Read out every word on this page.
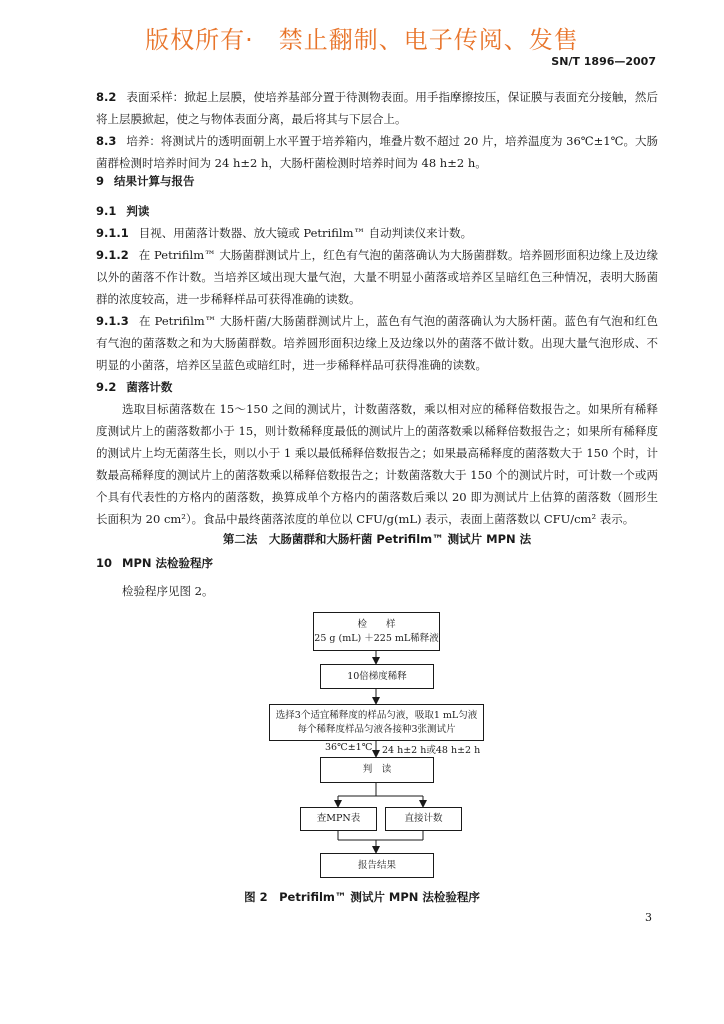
版权所有·　禁止翻制、电子传阅、发售
SN/T 1896—2007

8.2 表面采样：掀起上层膜，使培养基部分置于待测物表面。用手指摩擦按压，保证膜与表面充分接触，然后将上层膜掀起，使之与物体表面分离，最后将其与下层合上。

8.3 培养：将测试片的透明面朝上水平置于培养箱内，堆叠片数不超过 20 片，培养温度为 36℃±1℃。大肠菌群检测时培养时间为 24 h±2 h，大肠杆菌检测时培养时间为 48 h±2 h。

9 结果计算与报告

9.1 判读

9.1.1 目视、用菌落计数器、放大镜或 Petrifilm™ 自动判读仪来计数。

9.1.2 在 Petrifilm™ 大肠菌群测试片上，红色有气泡的菌落确认为大肠菌群数。培养圆形面积边缘上及边缘以外的菌落不作计数。当培养区域出现大量气泡，大量不明显小菌落或培养区呈暗红色三种情况，表明大肠菌群的浓度较高，进一步稀释样品可获得准确的读数。

9.1.3 在 Petrifilm™ 大肠杆菌/大肠菌群测试片上，蓝色有气泡的菌落确认为大肠杆菌。蓝色有气泡和红色有气泡的菌落数之和为大肠菌群数。培养圆形面积边缘上及边缘以外的菌落不做计数。出现大量气泡形成、不明显的小菌落，培养区呈蓝色或暗红时，进一步稀释样品可获得准确的读数。

9.2 菌落计数

选取目标菌落数在 15～150 之间的测试片，计数菌落数，乘以相对应的稀释倍数报告之。如果所有稀释度测试片上的菌落数都小于 15，则计数稀释度最低的测试片上的菌落数乘以稀释倍数报告之；如果所有稀释度的测试片上均无菌落生长，则以小于 1 乘以最低稀释倍数报告之；如果最高稀释度的菌落数大于 150 个时，计数最高稀释度的测试片上的菌落数乘以稀释倍数报告之；计数菌落数大于 150 个的测试片时，可计数一个或两个具有代表性的方格内的菌落数，换算成单个方格内的菌落数后乘以 20 即为测试片上估算的菌落数（圆形生长面积为 20 cm²）。食品中最终菌落浓度的单位以 CFU/g(mL) 表示，表面上菌落数以 CFU/cm² 表示。

第二法　大肠菌群和大肠杆菌 Petrifilm™ 测试片 MPN 法

10 MPN 法检验程序

检验程序见图 2。

检　　样
25 g (mL) ＋225 mL稀释液
10倍梯度稀释
选择3个适宜稀释度的样品匀液，吸取1 mL匀液
每个稀释度样品匀液各接种3张测试片
36℃±1℃ 24 h±2 h或48 h±2 h
判　读
查MPN表	直接计数
报告结果
图 2　Petrifilm™ 测试片 MPN 法检验程序
3
